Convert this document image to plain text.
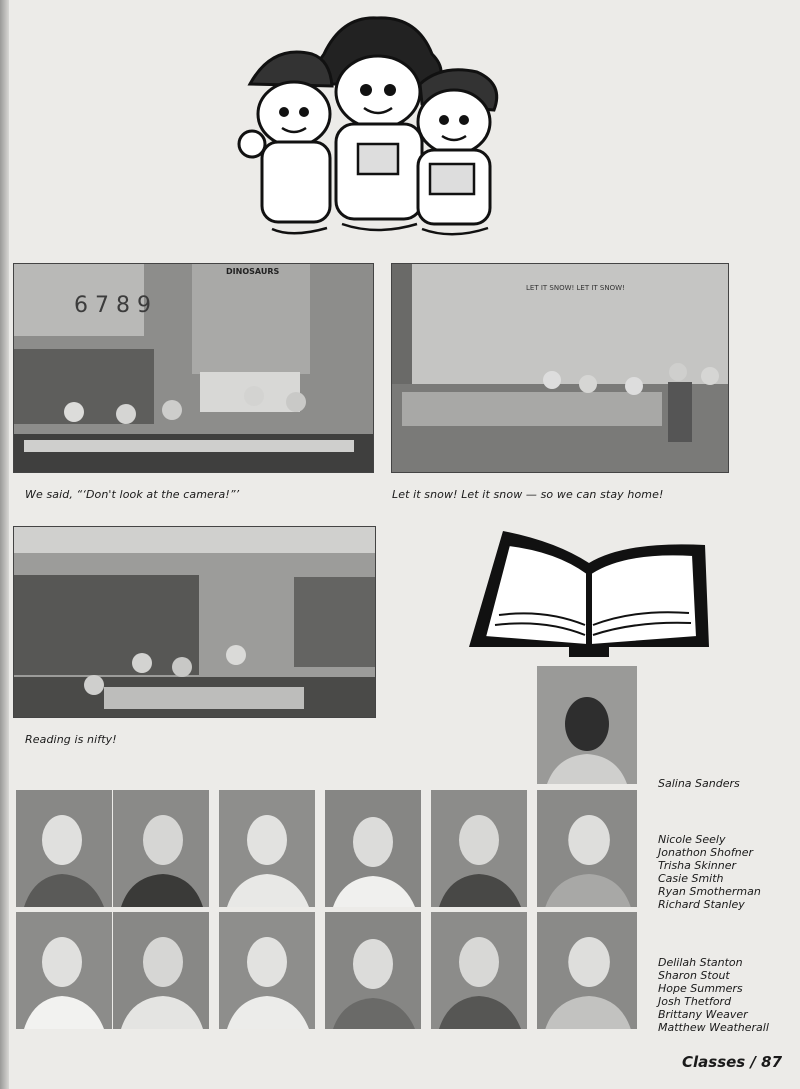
6 7 8 9
DINOSAURS
We said, “‘Don't look at the camera!”’
LET IT SNOW! LET IT SNOW!
Let it snow! Let it snow — so we can stay home!
Reading is nifty!
Salina Sanders
Nicole Seely
Jonathon Shofner
Trisha Skinner
Casie Smith
Ryan Smotherman
Richard Stanley
Delilah Stanton
Sharon Stout
Hope Summers
Josh Thetford
Brittany Weaver
Matthew Weatherall
Classes / 87
